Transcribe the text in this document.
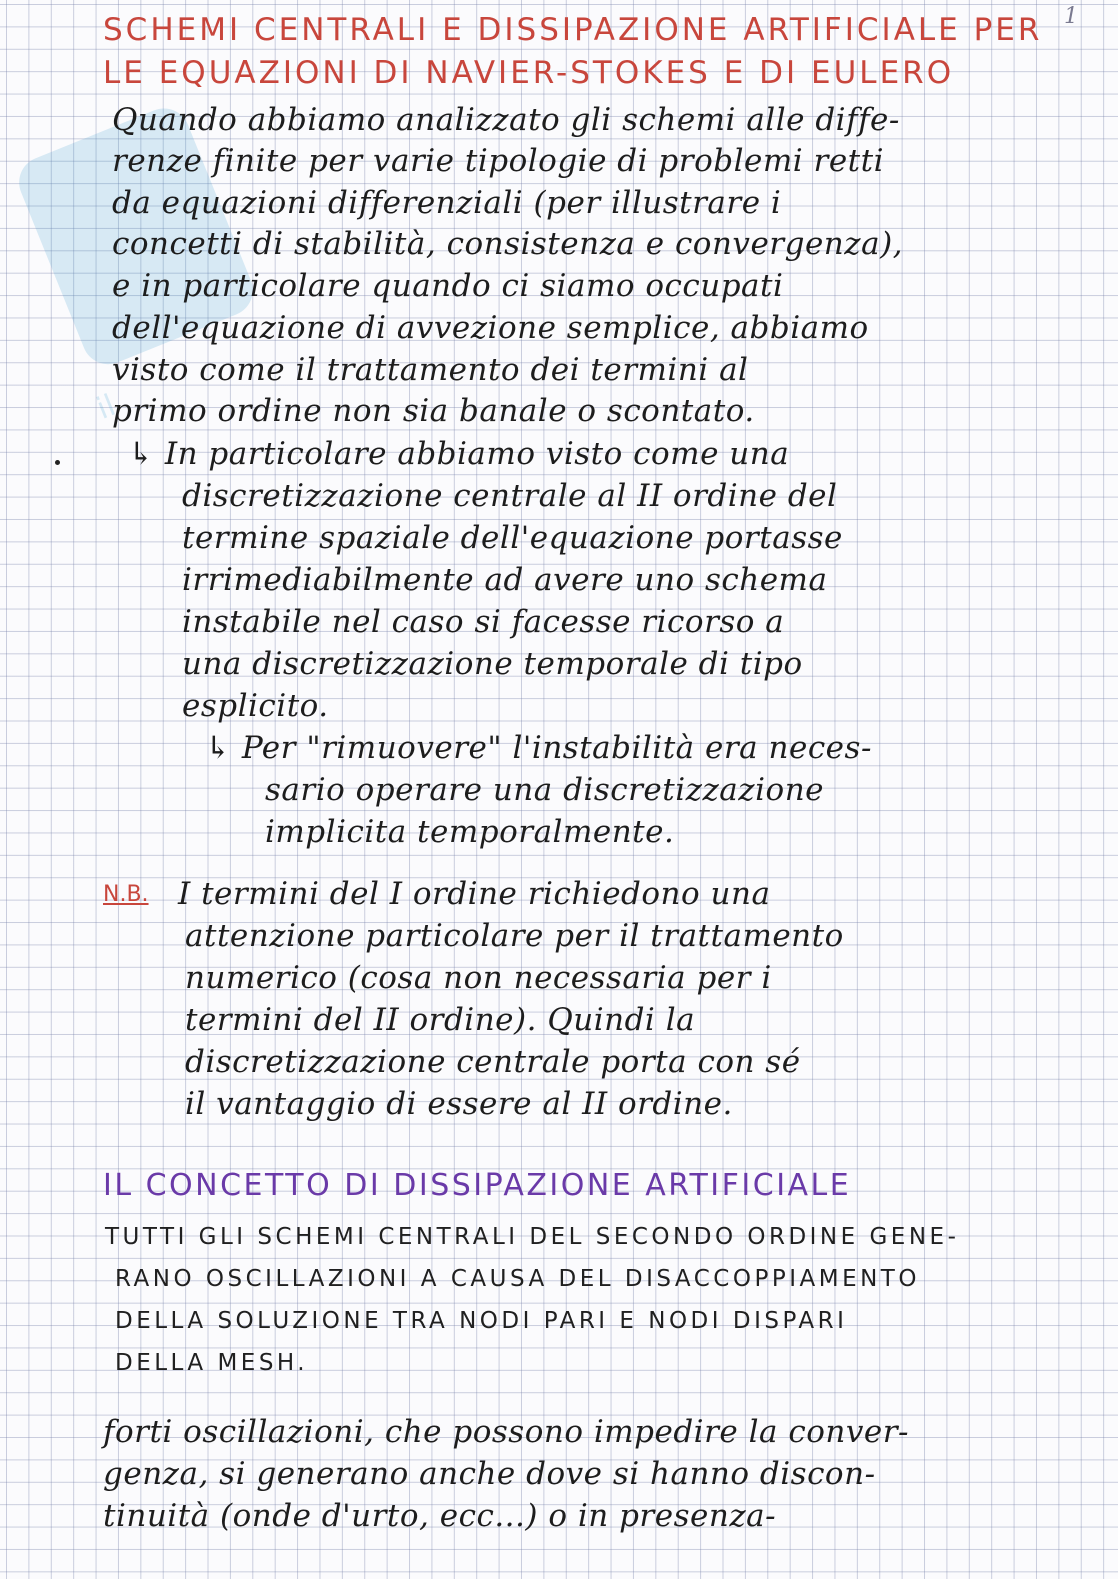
il
1
SCHEMI CENTRALI E DISSIPAZIONE ARTIFICIALE PER
LE EQUAZIONI DI NAVIER-STOKES E DI EULERO
Quando abbiamo analizzato gli schemi alle diffe-
renze finite per varie tipologie di problemi retti
da equazioni differenziali (per illustrare i
concetti di stabilità, consistenza e convergenza),
e in particolare quando ci siamo occupati
dell'equazione di avvezione semplice, abbiamo
visto come il trattamento dei termini al
primo ordine non sia banale o scontato.
↳ In particolare abbiamo visto come una
discretizzazione centrale al II ordine del
termine spaziale dell'equazione portasse
irrimediabilmente ad avere uno schema
instabile nel caso si facesse ricorso a
una discretizzazione temporale di tipo
esplicito.
↳ Per "rimuovere" l'instabilità era neces-
sario operare una discretizzazione
implicita temporalmente.
N.B. I termini del I ordine richiedono una
attenzione particolare per il trattamento
numerico (cosa non necessaria per i
termini del II ordine). Quindi la
discretizzazione centrale porta con sé
il vantaggio di essere al II ordine.
IL CONCETTO DI DISSIPAZIONE ARTIFICIALE
TUTTI GLI SCHEMI CENTRALI DEL SECONDO ORDINE GENE-
RANO OSCILLAZIONI A CAUSA DEL DISACCOPPIAMENTO
DELLA SOLUZIONE TRA NODI PARI E NODI DISPARI
DELLA MESH.
forti oscillazioni, che possono impedire la conver-
genza, si generano anche dove si hanno discon-
tinuità (onde d'urto, ecc...) o in presenza-
